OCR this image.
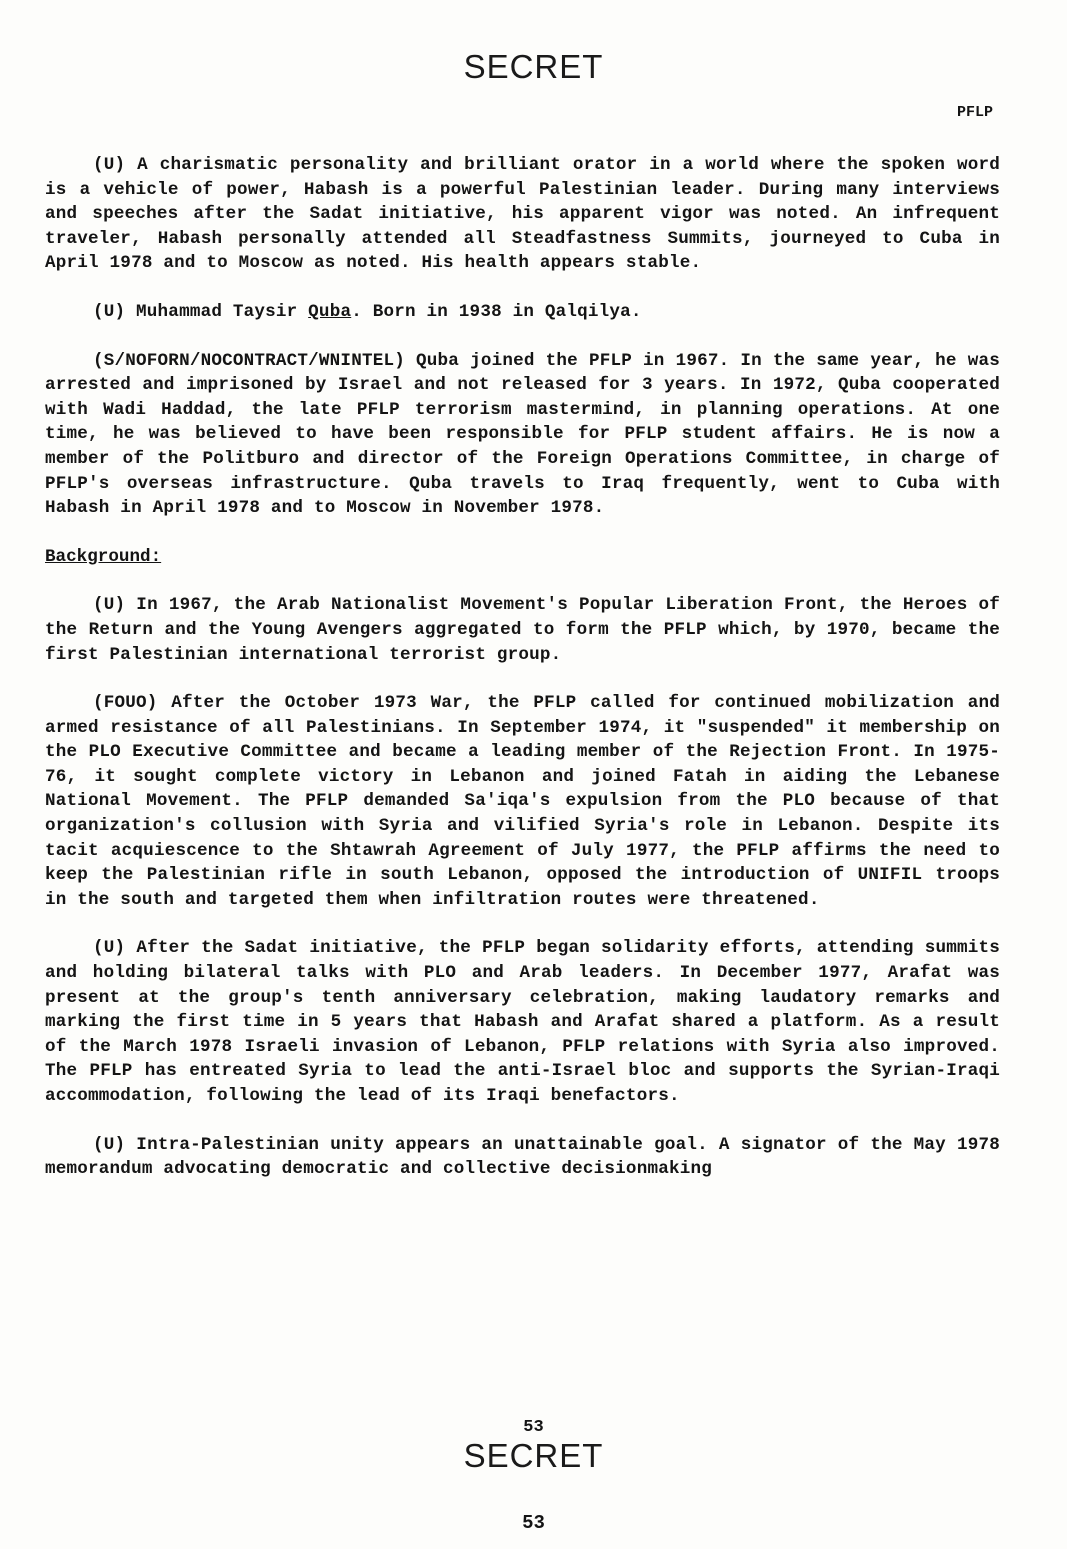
SECRET
PFLP

(U) A charismatic personality and brilliant orator in a world where the spoken word is a vehicle of power, Habash is a powerful Palestinian leader. During many interviews and speeches after the Sadat initiative, his apparent vigor was noted. An infrequent traveler, Habash personally attended all Steadfastness Summits, journeyed to Cuba in April 1978 and to Moscow as noted. His health appears stable.

(U) Muhammad Taysir Quba. Born in 1938 in Qalqilya.

(S/NOFORN/NOCONTRACT/WNINTEL) Quba joined the PFLP in 1967. In the same year, he was arrested and imprisoned by Israel and not released for 3 years. In 1972, Quba cooperated with Wadi Haddad, the late PFLP terrorism mastermind, in planning operations. At one time, he was believed to have been responsible for PFLP student affairs. He is now a member of the Politburo and director of the Foreign Operations Committee, in charge of PFLP's overseas infrastructure. Quba travels to Iraq frequently, went to Cuba with Habash in April 1978 and to Moscow in November 1978.

Background:

(U) In 1967, the Arab Nationalist Movement's Popular Liberation Front, the Heroes of the Return and the Young Avengers aggregated to form the PFLP which, by 1970, became the first Palestinian international terrorist group.

(FOUO) After the October 1973 War, the PFLP called for continued mobilization and armed resistance of all Palestinians. In September 1974, it "suspended" it membership on the PLO Executive Committee and became a leading member of the Rejection Front. In 1975-76, it sought complete victory in Lebanon and joined Fatah in aiding the Lebanese National Movement. The PFLP demanded Sa'iqa's expulsion from the PLO because of that organization's collusion with Syria and vilified Syria's role in Lebanon. Despite its tacit acquiescence to the Shtawrah Agreement of July 1977, the PFLP affirms the need to keep the Palestinian rifle in south Lebanon, opposed the introduction of UNIFIL troops in the south and targeted them when infiltration routes were threatened.

(U) After the Sadat initiative, the PFLP began solidarity efforts, attending summits and holding bilateral talks with PLO and Arab leaders. In December 1977, Arafat was present at the group's tenth anniversary celebration, making laudatory remarks and marking the first time in 5 years that Habash and Arafat shared a platform. As a result of the March 1978 Israeli invasion of Lebanon, PFLP relations with Syria also improved. The PFLP has entreated Syria to lead the anti-Israel bloc and supports the Syrian-Iraqi accommodation, following the lead of its Iraqi benefactors.

(U) Intra-Palestinian unity appears an unattainable goal. A signator of the May 1978 memorandum advocating democratic and collective decisionmaking

53
SECRET
53
